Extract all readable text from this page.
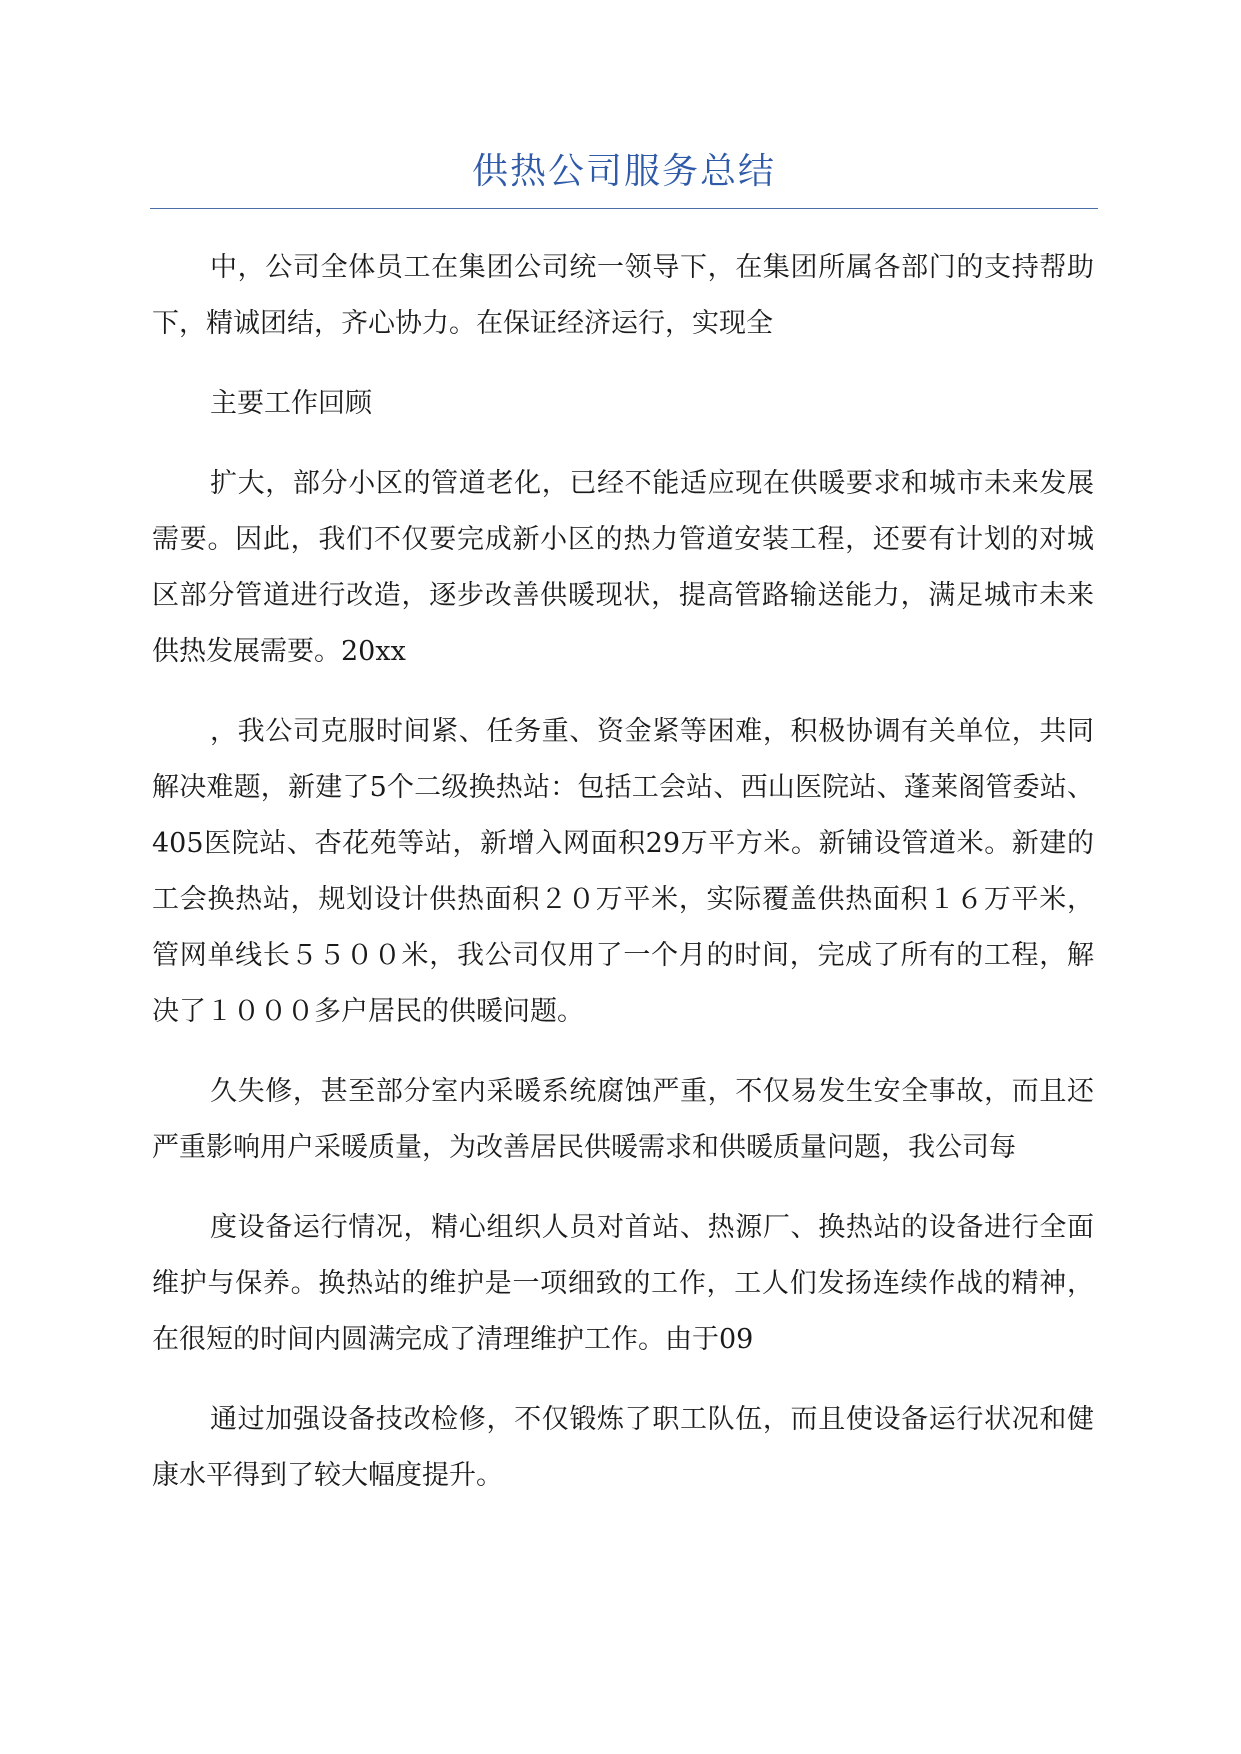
供热公司服务总结

中，公司全体员工在集团公司统一领导下，在集团所属各部门的支持帮助下，精诚团结，齐心协力。在保证经济运行，实现全

主要工作回顾

扩大，部分小区的管道老化，已经不能适应现在供暖要求和城市未来发展需要。因此，我们不仅要完成新小区的热力管道安装工程，还要有计划的对城区部分管道进行改造，逐步改善供暖现状，提高管路输送能力，满足城市未来供热发展需要。20xx

，我公司克服时间紧、任务重、资金紧等困难，积极协调有关单位，共同解决难题，新建了5个二级换热站：包括工会站、西山医院站、蓬莱阁管委站、405医院站、杏花苑等站，新增入网面积29万平方米。新铺设管道米。新建的工会换热站，规划设计供热面积２０万平米，实际覆盖供热面积１６万平米，管网单线长５５００米，我公司仅用了一个月的时间，完成了所有的工程，解决了１０００多户居民的供暖问题。

久失修，甚至部分室内采暖系统腐蚀严重，不仅易发生安全事故，而且还严重影响用户采暖质量，为改善居民供暖需求和供暖质量问题，我公司每

度设备运行情况，精心组织人员对首站、热源厂、换热站的设备进行全面维护与保养。换热站的维护是一项细致的工作，工人们发扬连续作战的精神，在很短的时间内圆满完成了清理维护工作。由于09

通过加强设备技改检修，不仅锻炼了职工队伍，而且使设备运行状况和健康水平得到了较大幅度提升。
